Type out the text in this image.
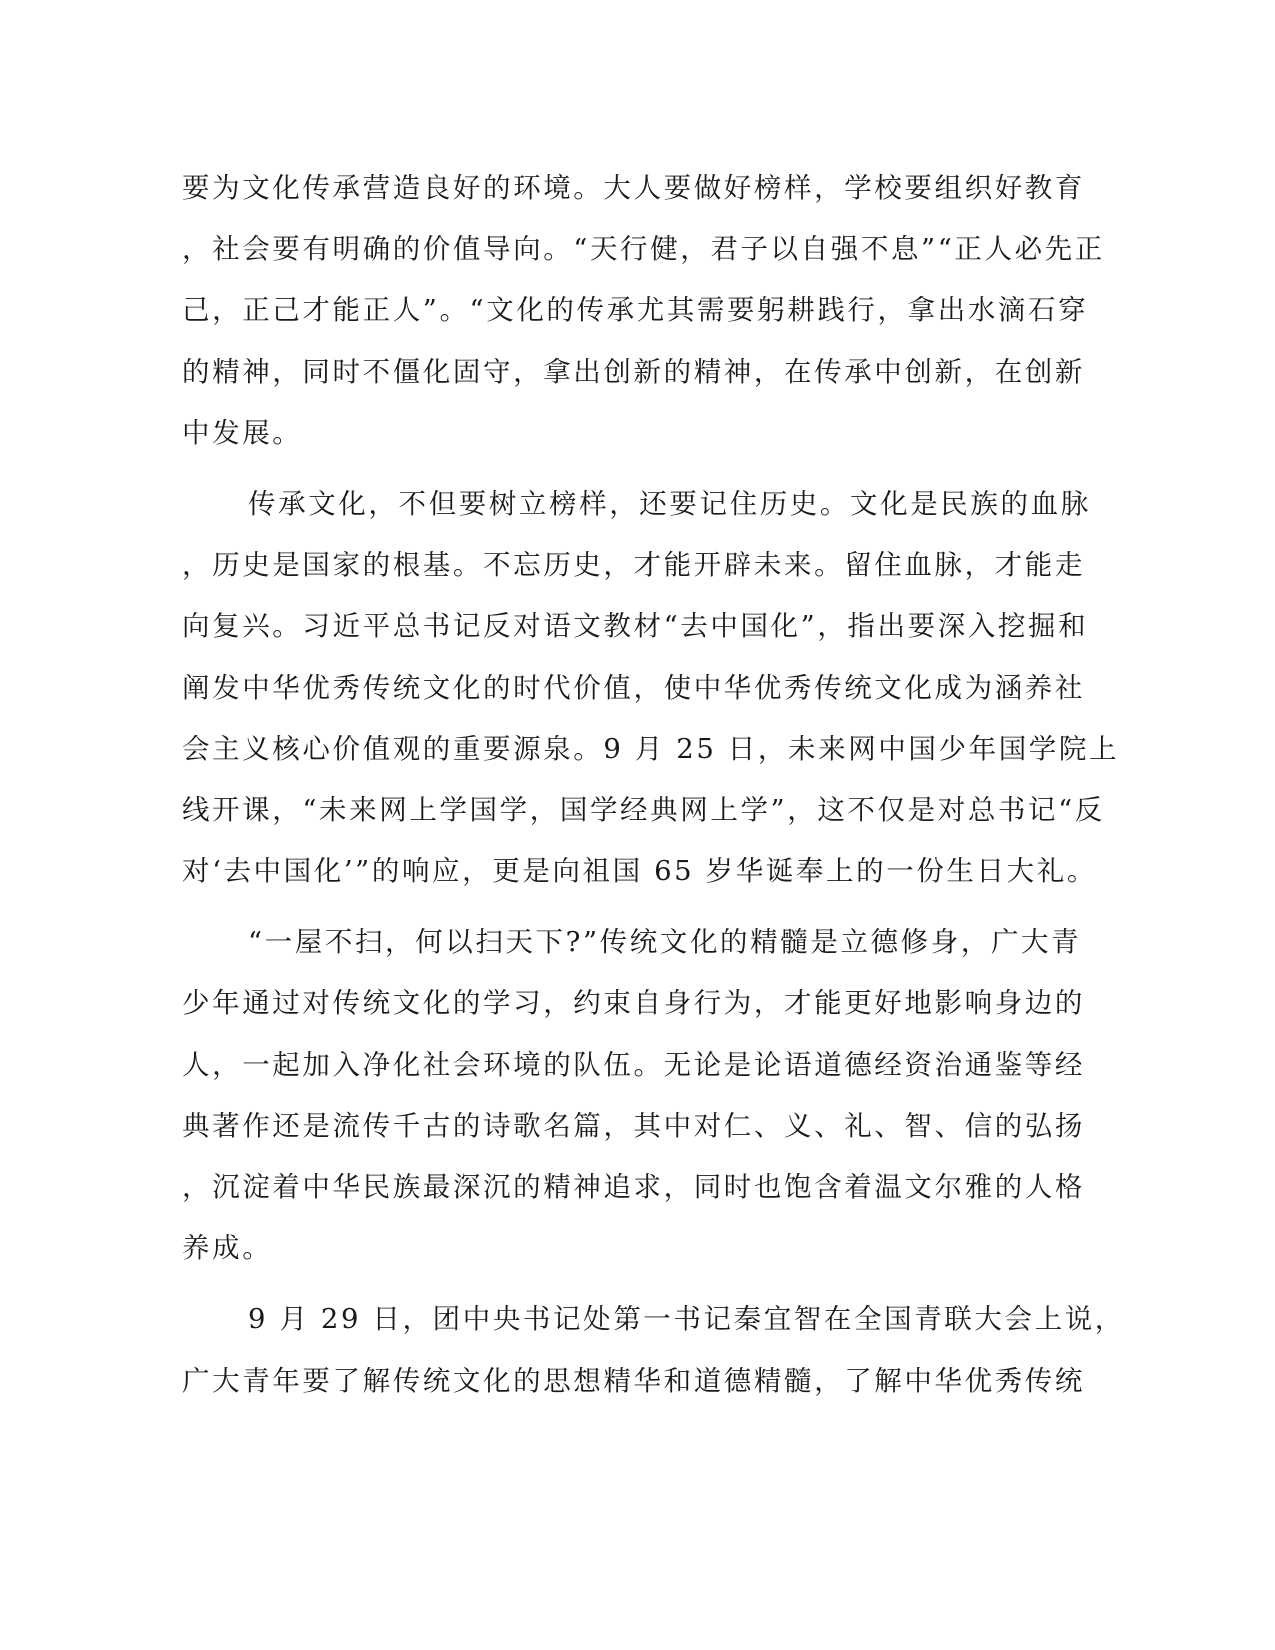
要为文化传承营造良好的环境。大人要做好榜样，学校要组织好教育
，社会要有明确的价值导向。“天行健，君子以自强不息”“正人必先正
己，正己才能正人”。“文化的传承尤其需要躬耕践行，拿出水滴石穿
的精神，同时不僵化固守，拿出创新的精神，在传承中创新，在创新
中发展。
传承文化，不但要树立榜样，还要记住历史。文化是民族的血脉
，历史是国家的根基。不忘历史，才能开辟未来。留住血脉，才能走
向复兴。习近平总书记反对语文教材“去中国化”，指出要深入挖掘和
阐发中华优秀传统文化的时代价值，使中华优秀传统文化成为涵养社
会主义核心价值观的重要源泉。9 月 25 日，未来网中国少年国学院上
线开课，“未来网上学国学，国学经典网上学”，这不仅是对总书记“反
对‘去中国化’”的响应，更是向祖国 65 岁华诞奉上的一份生日大礼。
“一屋不扫，何以扫天下?”传统文化的精髓是立德修身，广大青
少年通过对传统文化的学习，约束自身行为，才能更好地影响身边的
人，一起加入净化社会环境的队伍。无论是论语道德经资治通鉴等经
典著作还是流传千古的诗歌名篇，其中对仁、义、礼、智、信的弘扬
，沉淀着中华民族最深沉的精神追求，同时也饱含着温文尔雅的人格
养成。
9 月 29 日，团中央书记处第一书记秦宜智在全国青联大会上说，
广大青年要了解传统文化的思想精华和道德精髓，了解中华优秀传统
